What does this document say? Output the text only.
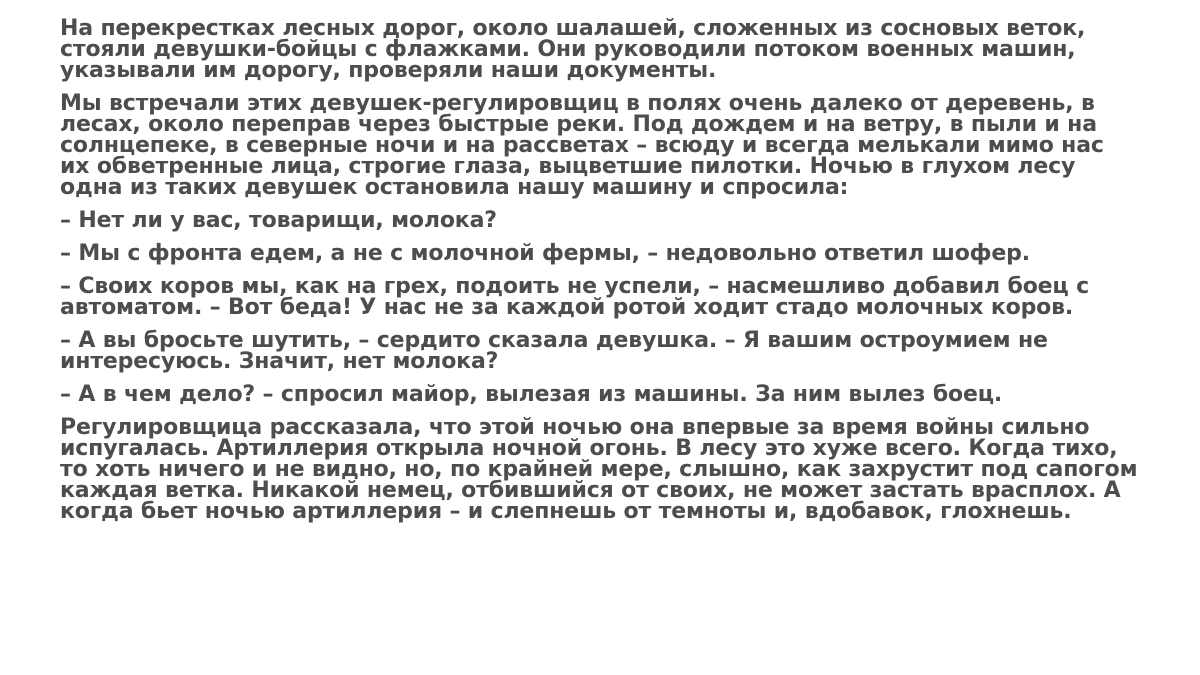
На перекрестках лесных дорог, около шалашей, сложенных из сосновых веток, стояли девушки-бойцы с флажками. Они руководили потоком военных машин, указывали им дорогу, проверяли наши документы.

Мы встречали этих девушек-регулировщиц в полях очень далеко от деревень, в лесах, около переправ через быстрые реки. Под дождем и на ветру, в пыли и на солнцепеке, в северные ночи и на рассветах – всюду и всегда мелькали мимо нас их обветренные лица, строгие глаза, выцветшие пилотки. Ночью в глухом лесу одна из таких девушек остановила нашу машину и спросила:

– Нет ли у вас, товарищи, молока?

– Мы с фронта едем, а не с молочной фермы, – недовольно ответил шофер.

– Своих коров мы, как на грех, подоить не успели, – насмешливо добавил боец с автоматом. – Вот беда! У нас не за каждой ротой ходит стадо молочных коров.

– А вы бросьте шутить, – сердито сказала девушка. – Я вашим остроумием не интересуюсь. Значит, нет молока?

– А в чем дело? – спросил майор, вылезая из машины. За ним вылез боец.

Регулировщица рассказала, что этой ночью она впервые за время войны сильно испугалась. Артиллерия открыла ночной огонь. В лесу это хуже всего. Когда тихо, то хоть ничего и не видно, но, по крайней мере, слышно, как захрустит под сапогом каждая ветка. Никакой немец, отбившийся от своих, не может застать врасплох. А когда бьет ночью артиллерия – и слепнешь от темноты и, вдобавок, глохнешь.
